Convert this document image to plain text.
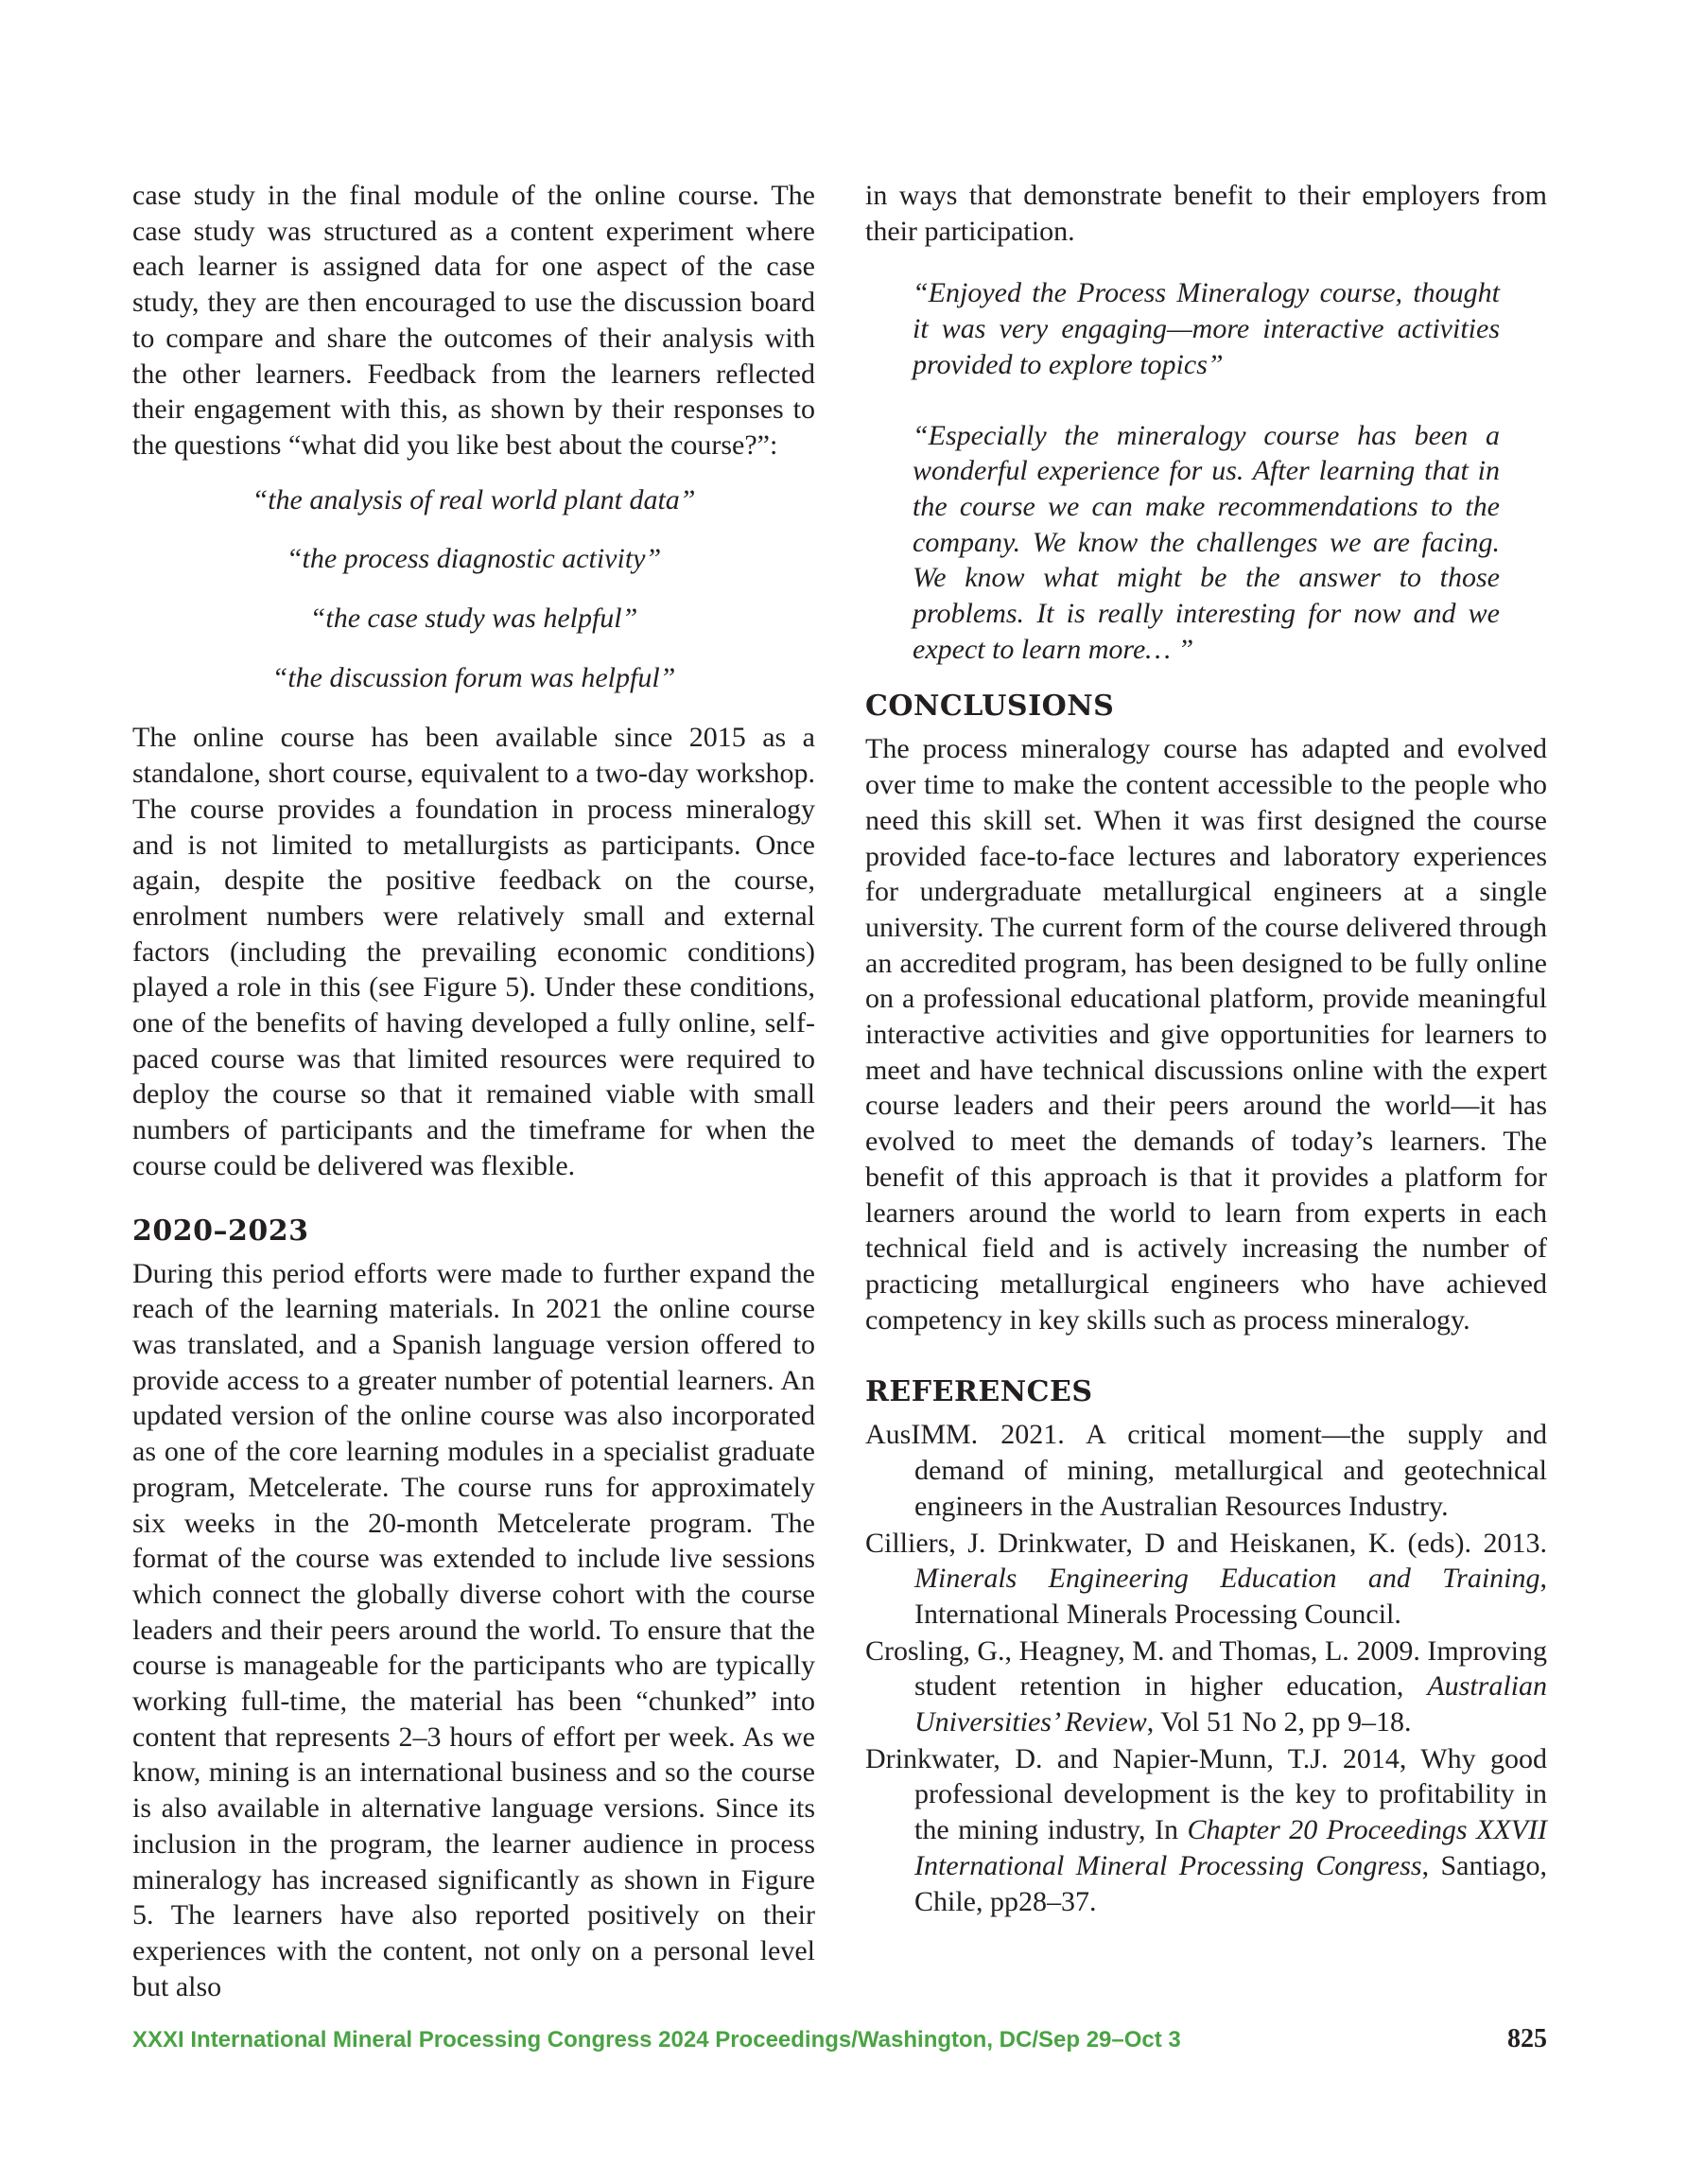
case study in the final module of the online course. The case study was structured as a content experiment where each learner is assigned data for one aspect of the case study, they are then encouraged to use the discussion board to compare and share the outcomes of their analysis with the other learners. Feedback from the learners reflected their engagement with this, as shown by their responses to the questions “what did you like best about the course?”:

“the analysis of real world plant data”

“the process diagnostic activity”

“the case study was helpful”

“the discussion forum was helpful”

The online course has been available since 2015 as a standalone, short course, equivalent to a two-day workshop. The course provides a foundation in process mineralogy and is not limited to metallurgists as participants. Once again, despite the positive feedback on the course, enrolment numbers were relatively small and external factors (including the prevailing economic conditions) played a role in this (see Figure 5). Under these conditions, one of the benefits of having developed a fully online, self-paced course was that limited resources were required to deploy the course so that it remained viable with small numbers of participants and the timeframe for when the course could be delivered was flexible.

2020–2023

During this period efforts were made to further expand the reach of the learning materials. In 2021 the online course was translated, and a Spanish language version offered to provide access to a greater number of potential learners. An updated version of the online course was also incorporated as one of the core learning modules in a specialist graduate program, Metcelerate. The course runs for approximately six weeks in the 20-month Metcelerate program. The format of the course was extended to include live sessions which connect the globally diverse cohort with the course leaders and their peers around the world. To ensure that the course is manageable for the participants who are typically working full-time, the material has been “chunked” into content that represents 2–3 hours of effort per week. As we know, mining is an international business and so the course is also available in alternative language versions. Since its inclusion in the program, the learner audience in process mineralogy has increased significantly as shown in Figure 5. The learners have also reported positively on their experiences with the content, not only on a personal level but also

in ways that demonstrate benefit to their employers from their participation.

“Enjoyed the Process Mineralogy course, thought it was very engaging—more interactive activities provided to explore topics”

“Especially the mineralogy course has been a wonderful experience for us. After learning that in the course we can make recommendations to the company. We know the challenges we are facing. We know what might be the answer to those problems. It is really interesting for now and we expect to learn more… ”

CONCLUSIONS

The process mineralogy course has adapted and evolved over time to make the content accessible to the people who need this skill set. When it was first designed the course provided face-to-face lectures and laboratory experiences for undergraduate metallurgical engineers at a single university. The current form of the course delivered through an accredited program, has been designed to be fully online on a professional educational platform, provide meaningful interactive activities and give opportunities for learners to meet and have technical discussions online with the expert course leaders and their peers around the world—it has evolved to meet the demands of today’s learners. The benefit of this approach is that it provides a platform for learners around the world to learn from experts in each technical field and is actively increasing the number of practicing metallurgical engineers who have achieved competency in key skills such as process mineralogy.

REFERENCES

AusIMM. 2021. A critical moment—the supply and demand of mining, metallurgical and geotechnical engineers in the Australian Resources Industry.

Cilliers, J. Drinkwater, D and Heiskanen, K. (eds). 2013. Minerals Engineering Education and Training, International Minerals Processing Council.

Crosling, G., Heagney, M. and Thomas, L. 2009. Improving student retention in higher education, Australian Universities’ Review, Vol 51 No 2, pp 9–18.

Drinkwater, D. and Napier-Munn, T.J. 2014, Why good professional development is the key to profitability in the mining industry, In Chapter 20 Proceedings XXVII International Mineral Processing Congress, Santiago, Chile, pp28–37.

XXXI International Mineral Processing Congress 2024 Proceedings/Washington, DC/Sep 29–Oct 3	825
